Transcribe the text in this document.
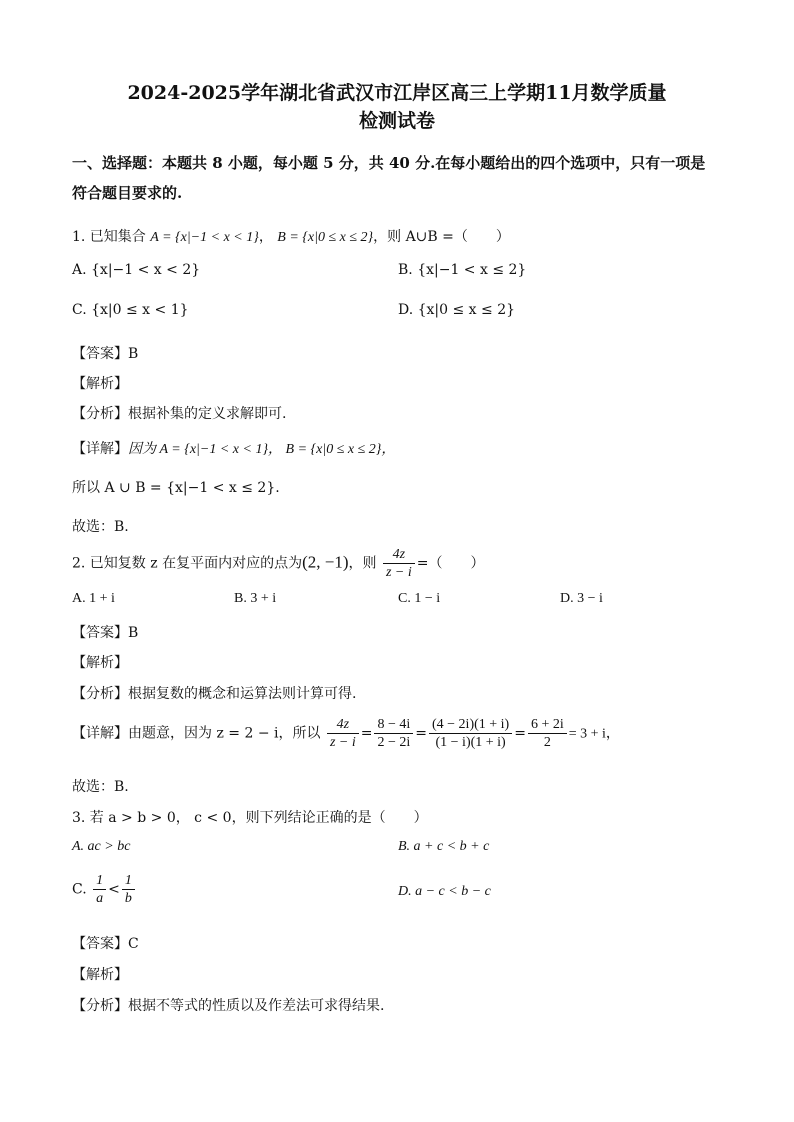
2024-2025学年湖北省武汉市江岸区高三上学期11月数学质量
检测试卷
一、选择题：本题共 8 小题，每小题 5 分，共 40 分.在每小题给出的四个选项中，只有一项是
符合题目要求的.
1. 已知集合 A = {x|−1 < x < 1}， B = {x|0 ≤ x ≤ 2}，则 A∪B =（　　）
A. {x|−1 < x < 2}	B. {x|−1 < x ≤ 2}
C. {x|0 ≤ x < 1}	D. {x|0 ≤ x ≤ 2}
【答案】B
【解析】
【分析】根据补集的定义求解即可.
【详解】因为 A = {x|−1 < x < 1}， B = {x|0 ≤ x ≤ 2}，
所以 A ∪ B = {x|−1 < x ≤ 2}.
故选：B.
2. 已知复数 z 在复平面内对应的点为(2, −1)，则 $\frac{4z}{z - i}$ =（　　）
A. 1 + i	B. 3 + i	C. 1 − i	D. 3 − i
【答案】B
【解析】
【分析】根据复数的概念和运算法则计算可得.
【详解】由题意，因为 z = 2 − i，所以 $\frac{4z}{z - i} = \frac{8 - 4i}{2 - 2i} = \frac{(4 - 2i)(1 + i)}{(1 - i)(1 + i)} = \frac{6 + 2i}{2} = 3 + i$，
故选：B.
3. 若 a > b > 0， c < 0，则下列结论正确的是（　　）
A. ac > bc	B. a + c < b + c
C. $\frac{1}{a} < \frac{1}{b}$	D. a − c < b − c
【答案】C
【解析】
【分析】根据不等式的性质以及作差法可求得结果.
